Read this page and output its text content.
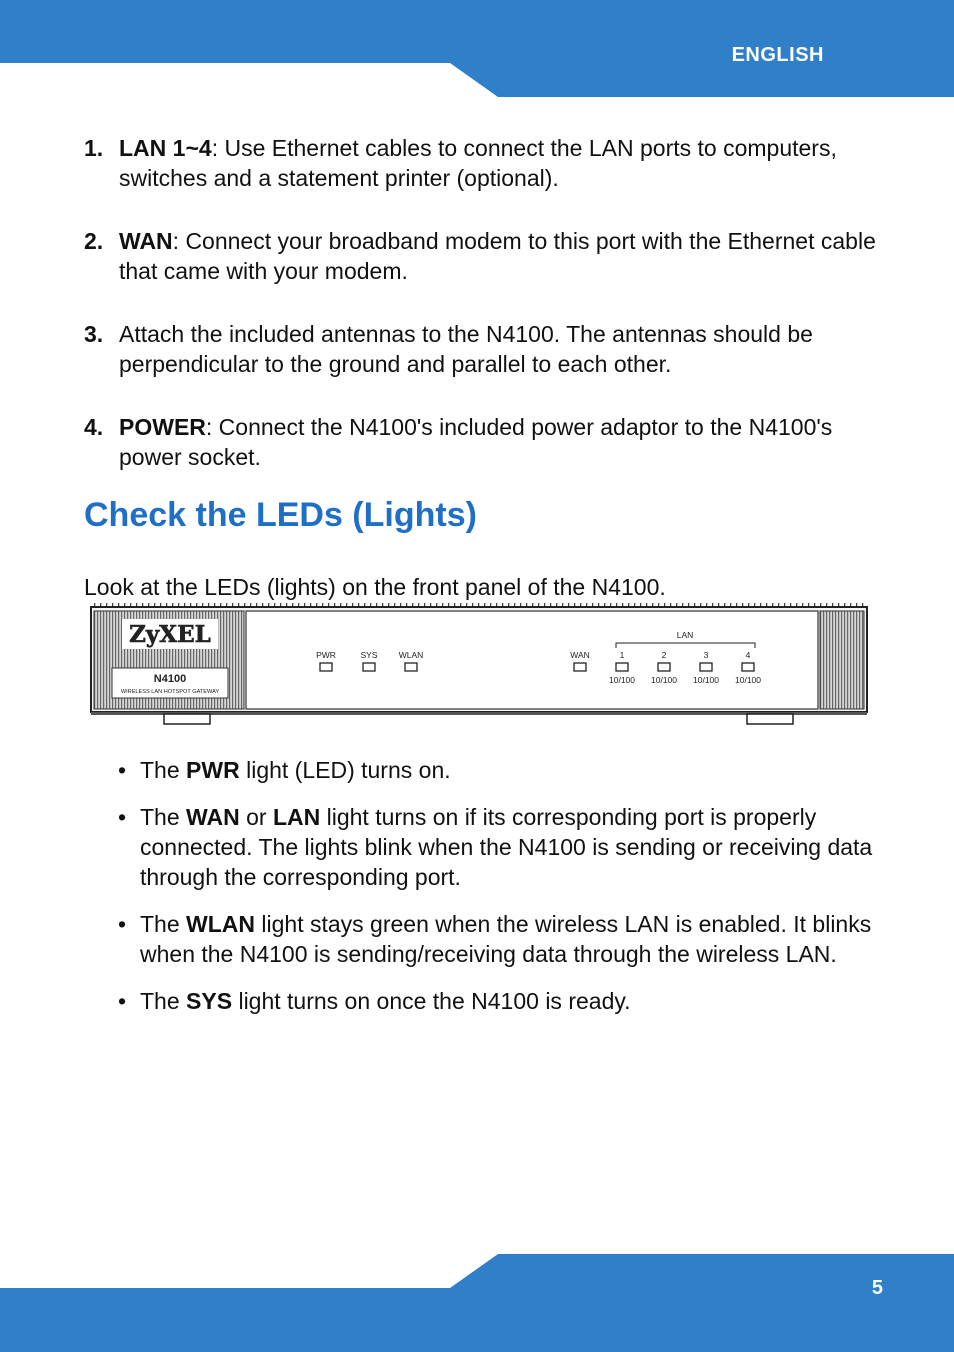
ENGLISH
1. LAN 1~4: Use Ethernet cables to connect the LAN ports to computers, switches and a statement printer (optional).
2. WAN: Connect your broadband modem to this port with the Ethernet cable that came with your modem.
3. Attach the included antennas to the N4100. The antennas should be perpendicular to the ground and parallel to each other.
4. POWER: Connect the N4100's included power adaptor to the N4100's power socket.
Check the LEDs (Lights)

Look at the LEDs (lights) on the front panel of the N4100.

ZyXEL
N4100
WIRELESS LAN HOTSPOT GATEWAY
PWR	SYS WLAN	WAN
LAN
1	2	3	4
10/100 10/100 10/100 10/100
• The PWR light (LED) turns on.
• The WAN or LAN light turns on if its corresponding port is properly connected. The lights blink when the N4100 is sending or receiving data through the corresponding port.
• The WLAN light stays green when the wireless LAN is enabled. It blinks when the N4100 is sending/receiving data through the wireless LAN.
• The SYS light turns on once the N4100 is ready.
5
